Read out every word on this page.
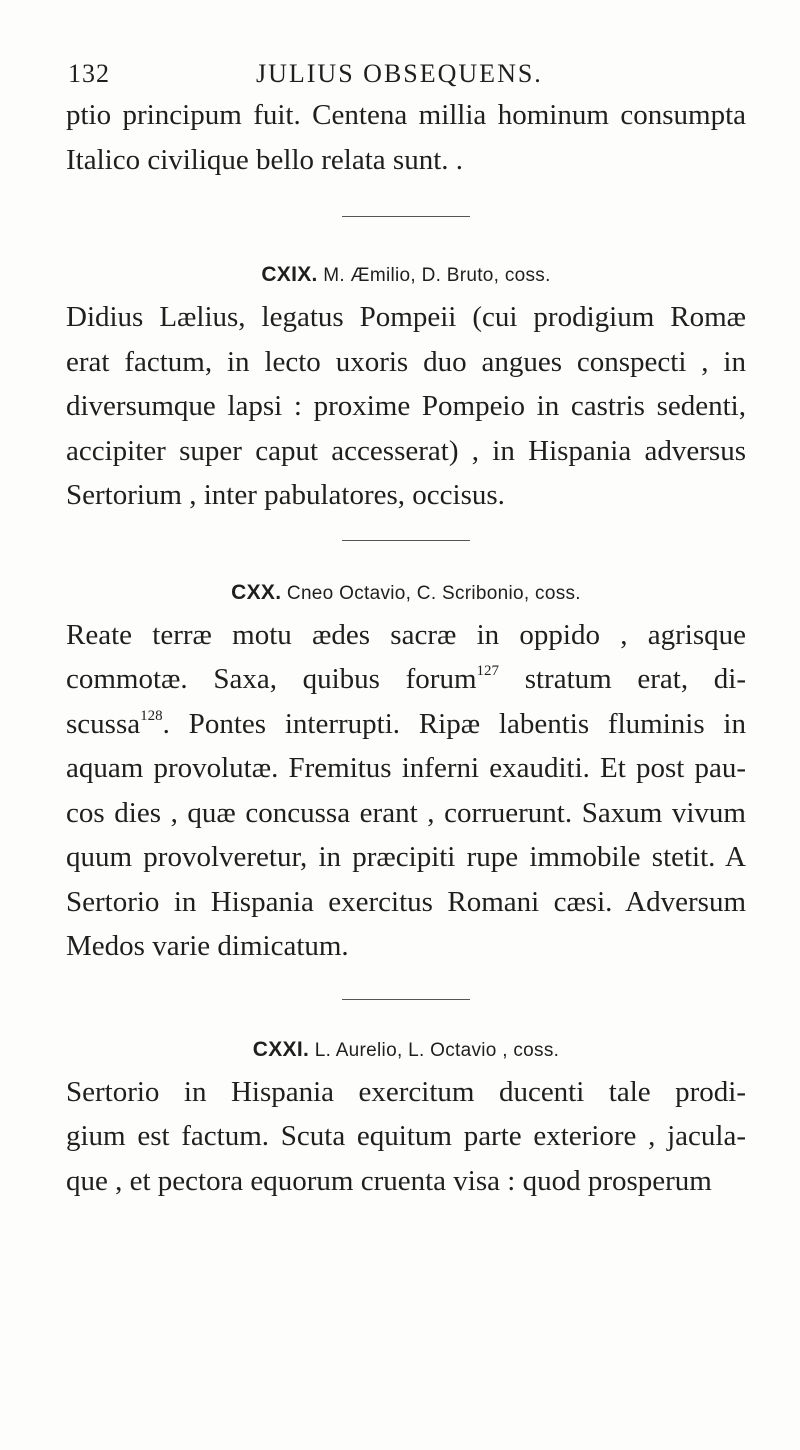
132	JULIUS OBSEQUENS.
ptio principum fuit. Centena millia hominum consumpta
Italico civilique bello relata sunt. .
CXIX. M. Æmilio, D. Bruto, coss.
Didius Lælius, legatus Pompeii (cui prodigium Romæ
erat factum, in lecto uxoris duo angues conspecti , in
diversumque lapsi : proxime Pompeio in castris sedenti,
accipiter super caput accesserat) , in Hispania adversus
Sertorium , inter pabulatores, occisus.
CXX. Cneo Octavio, C. Scribonio, coss.
Reate terræ motu ædes sacræ in oppido , agrisque
commotæ. Saxa, quibus forum$^{127}$ stratum erat, di-
scussa$^{128}$. Pontes interrupti. Ripæ labentis fluminis in
aquam provolutæ. Fremitus inferni exauditi. Et post pau-
cos dies , quæ concussa erant , corruerunt. Saxum vivum
quum provolveretur, in præcipiti rupe immobile stetit. A
Sertorio in Hispania exercitus Romani cæsi. Adversum
Medos varie dimicatum.
CXXI. L. Aurelio, L. Octavio , coss.
Sertorio in Hispania exercitum ducenti tale prodi-
gium est factum. Scuta equitum parte exteriore , jacula-
que , et pectora equorum cruenta visa : quod prosperum
